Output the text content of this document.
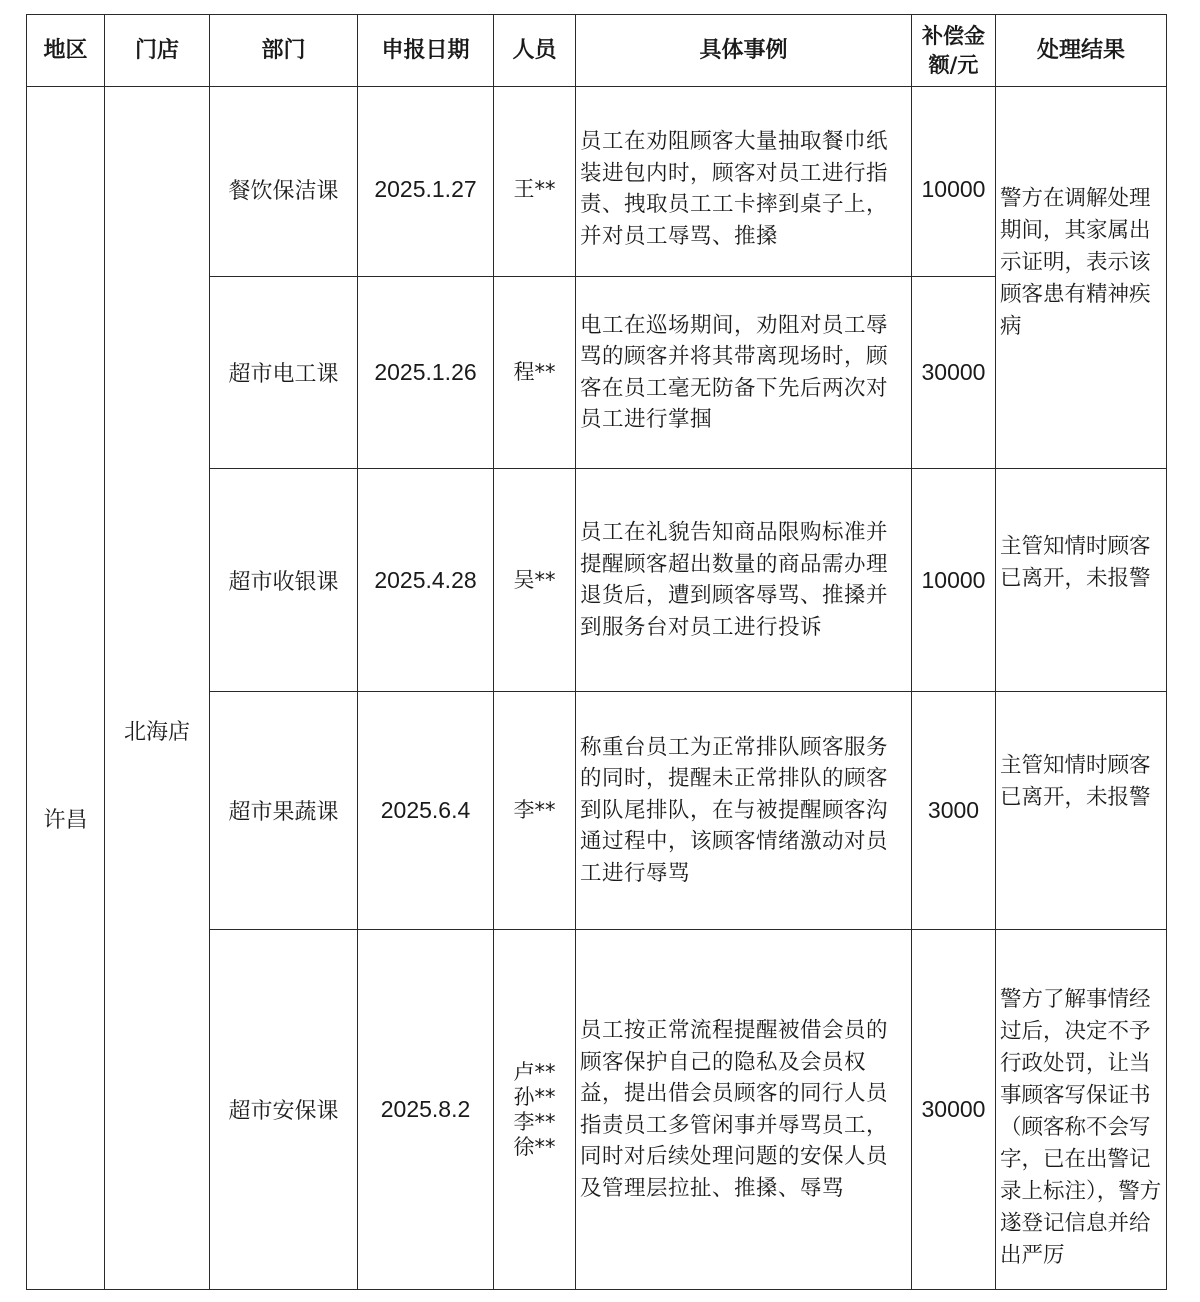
地区	门店	部门	申报日期	人员	具体事例	补偿金额/元	处理结果
许昌	北海店						
		餐饮保洁课	2025.1.27	王**	员工在劝阻顾客大量抽取餐巾纸装进包内时，顾客对员工进行指责、拽取员工工卡摔到桌子上，并对员工辱骂、推搡	10000	警方在调解处理期间，其家属出示证明，表示该顾客患有精神疾病
		超市电工课	2025.1.26	程**	电工在巡场期间，劝阻对员工辱骂的顾客并将其带离现场时，顾客在员工毫无防备下先后两次对员工进行掌掴	30000	
		超市收银课	2025.4.28	吴**	员工在礼貌告知商品限购标准并提醒顾客超出数量的商品需办理退货后，遭到顾客辱骂、推搡并到服务台对员工进行投诉	10000	主管知情时顾客已离开，未报警
		超市果蔬课	2025.6.4	李**	称重台员工为正常排队顾客服务的同时，提醒未正常排队的顾客到队尾排队，在与被提醒顾客沟通过程中，该顾客情绪激动对员工进行辱骂	3000	主管知情时顾客已离开，未报警
		超市安保课	2025.8.2	卢**
孙**
李**
徐**	员工按正常流程提醒被借会员的顾客保护自己的隐私及会员权益，提出借会员顾客的同行人员指责员工多管闲事并辱骂员工，同时对后续处理问题的安保人员及管理层拉扯、推搡、辱骂	30000	警方了解事情经过后，决定不予行政处罚，让当事顾客写保证书（顾客称不会写字，已在出警记录上标注），警方遂登记信息并给出严厉
